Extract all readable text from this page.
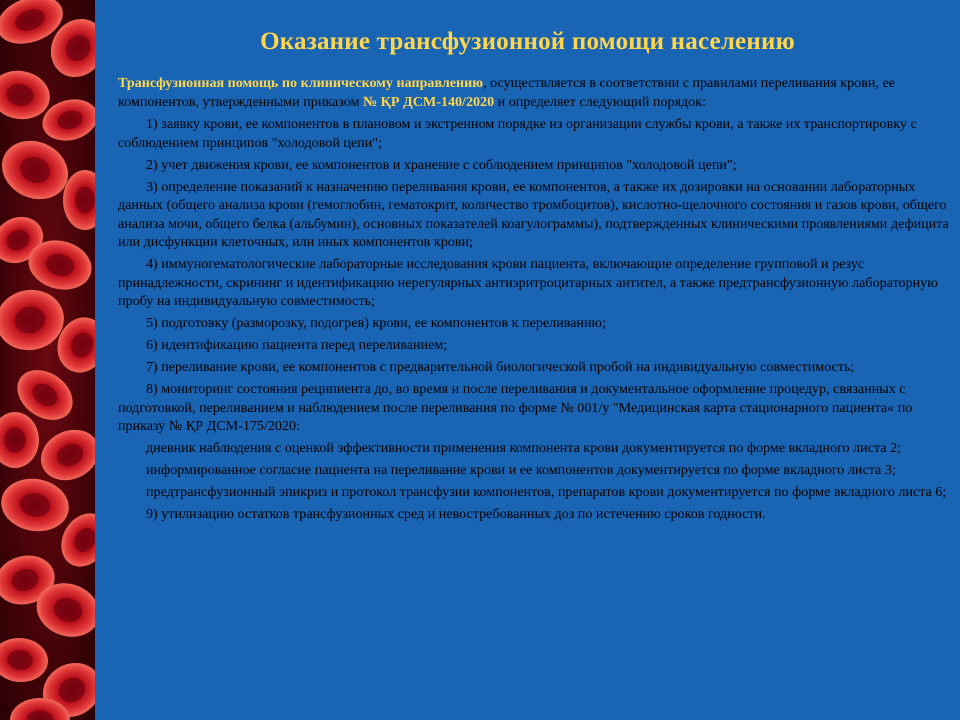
Оказание трансфузионной помощи населению

Трансфузионная помощь по клиническому направлению, осуществляется в соответствии с правилами переливания крови, ее компонентов, утвержденными приказом № ҚР ДСМ-140/2020 и определяет следующий порядок:

1) заявку крови, ее компонентов в плановом и экстренном порядке из организации службы крови, а также их транспортировку с соблюдением принципов "холодовой цепи";

2) учет движения крови, ее компонентов и хранение с соблюдением принципов "холодовой цепи";

3) определение показаний к назначению переливания крови, ее компонентов, а также их дозировки на основании лабораторных данных (общего анализа крови (гемоглобин, гематокрит, количество тромбоцитов), кислотно-щелочного состояния и газов крови, общего анализа мочи, общего белка (альбумин), основных показателей коагулограммы), подтвержденных клиническими проявлениями дефицита или дисфункции клеточных, или иных компонентов крови;

4) иммуногематологические лабораторные исследования крови пациента, включающие определение групповой и резус принадлежности, скрининг и идентификацию нерегулярных антиэритроцитарных антител, а также предтрансфузионную лабораторную пробу на индивидуальную совместимость;

5) подготовку (разморозку, подогрев) крови, ее компонентов к переливанию;

6) идентификацию пациента перед переливанием;

7) переливание крови, ее компонентов с предварительной биологической пробой на индивидуальную совместимость;

8) мониторинг состояния реципиента до, во время и после переливания и документальное оформление процедур, связанных с подготовкой, переливанием и наблюдением после переливания по форме № 001/у "Медицинская карта стационарного пациента« по приказу № ҚР ДСМ-175/2020:

дневник наблюдения с оценкой эффективности применения компонента крови документируется по форме вкладного листа 2;

информированное согласие пациента на переливание крови и ее компонентов документируется по форме вкладного листа 3;

предтрансфузионный эпикриз и протокол трансфузии компонентов, препаратов крови документируется по форме вкладного листа 6;

9) утилизацию остатков трансфузионных сред и невостребованных доз по истечению сроков годности.
